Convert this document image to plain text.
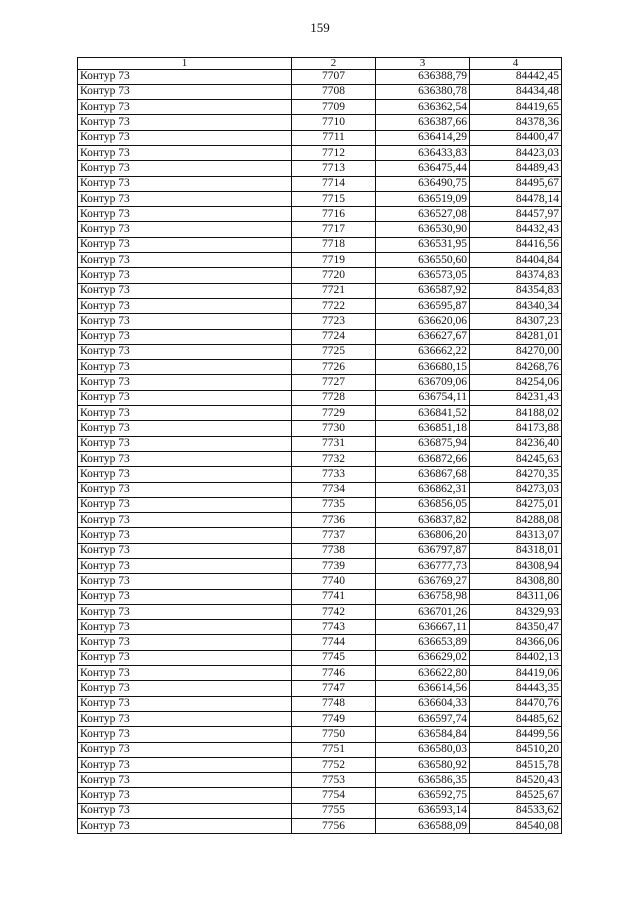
159
1	2	3	4
Контур 73	7707	636388,79	84442,45
Контур 73	7708	636380,78	84434,48
Контур 73	7709	636362,54	84419,65
Контур 73	7710	636387,66	84378,36
Контур 73	7711	636414,29	84400,47
Контур 73	7712	636433,83	84423,03
Контур 73	7713	636475,44	84489,43
Контур 73	7714	636490,75	84495,67
Контур 73	7715	636519,09	84478,14
Контур 73	7716	636527,08	84457,97
Контур 73	7717	636530,90	84432,43
Контур 73	7718	636531,95	84416,56
Контур 73	7719	636550,60	84404,84
Контур 73	7720	636573,05	84374,83
Контур 73	7721	636587,92	84354,83
Контур 73	7722	636595,87	84340,34
Контур 73	7723	636620,06	84307,23
Контур 73	7724	636627,67	84281,01
Контур 73	7725	636662,22	84270,00
Контур 73	7726	636680,15	84268,76
Контур 73	7727	636709,06	84254,06
Контур 73	7728	636754,11	84231,43
Контур 73	7729	636841,52	84188,02
Контур 73	7730	636851,18	84173,88
Контур 73	7731	636875,94	84236,40
Контур 73	7732	636872,66	84245,63
Контур 73	7733	636867,68	84270,35
Контур 73	7734	636862,31	84273,03
Контур 73	7735	636856,05	84275,01
Контур 73	7736	636837,82	84288,08
Контур 73	7737	636806,20	84313,07
Контур 73	7738	636797,87	84318,01
Контур 73	7739	636777,73	84308,94
Контур 73	7740	636769,27	84308,80
Контур 73	7741	636758,98	84311,06
Контур 73	7742	636701,26	84329,93
Контур 73	7743	636667,11	84350,47
Контур 73	7744	636653,89	84366,06
Контур 73	7745	636629,02	84402,13
Контур 73	7746	636622,80	84419,06
Контур 73	7747	636614,56	84443,35
Контур 73	7748	636604,33	84470,76
Контур 73	7749	636597,74	84485,62
Контур 73	7750	636584,84	84499,56
Контур 73	7751	636580,03	84510,20
Контур 73	7752	636580,92	84515,78
Контур 73	7753	636586,35	84520,43
Контур 73	7754	636592,75	84525,67
Контур 73	7755	636593,14	84533,62
Контур 73	7756	636588,09	84540,08
